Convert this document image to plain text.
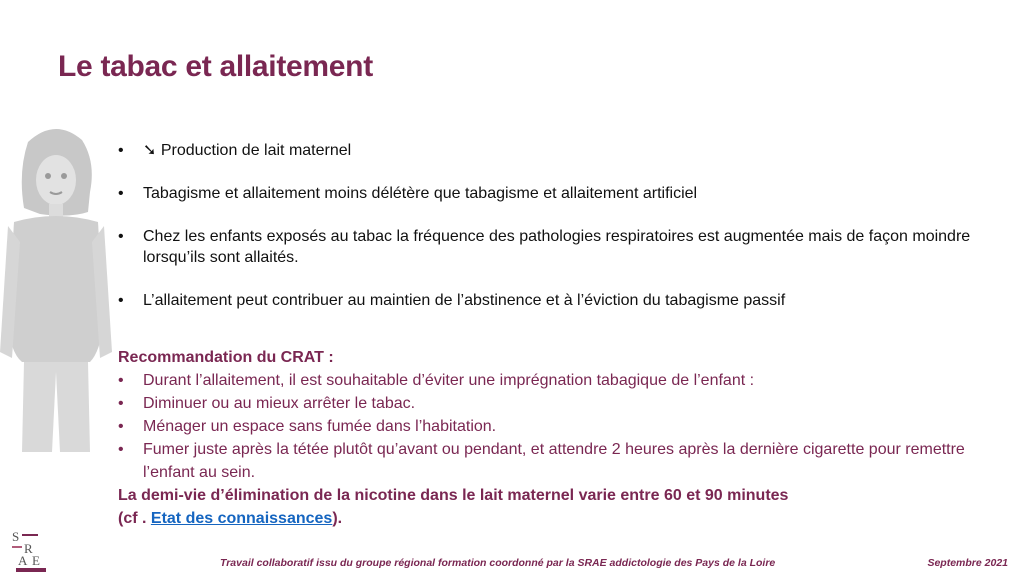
Le tabac et allaitement
• ➘ Production de lait maternel
• Tabagisme et allaitement moins délétère que tabagisme et allaitement artificiel
• Chez les enfants exposés au tabac la fréquence des pathologies respiratoires est augmentée mais de façon moindre lorsqu’ils sont allaités.
• L’allaitement peut contribuer au maintien de l’abstinence et à l’éviction du tabagisme passif
Recommandation du CRAT :
• Durant l’allaitement, il est souhaitable d’éviter une imprégnation tabagique de l’enfant :
• Diminuer ou au mieux arrêter le tabac.
• Ménager un espace sans fumée dans l’habitation.
• Fumer juste après la tétée plutôt qu’avant ou pendant, et attendre 2 heures après la dernière cigarette pour remettre l’enfant au sein.
La demi-vie d’élimination de la nicotine dans le lait maternel varie entre 60 et 90 minutes
(cf . Etat des connaissances).
S
R
A E	Travail collaboratif issu du groupe régional formation coordonné par la SRAE addictologie des Pays de la Loire	Septembre 2021
